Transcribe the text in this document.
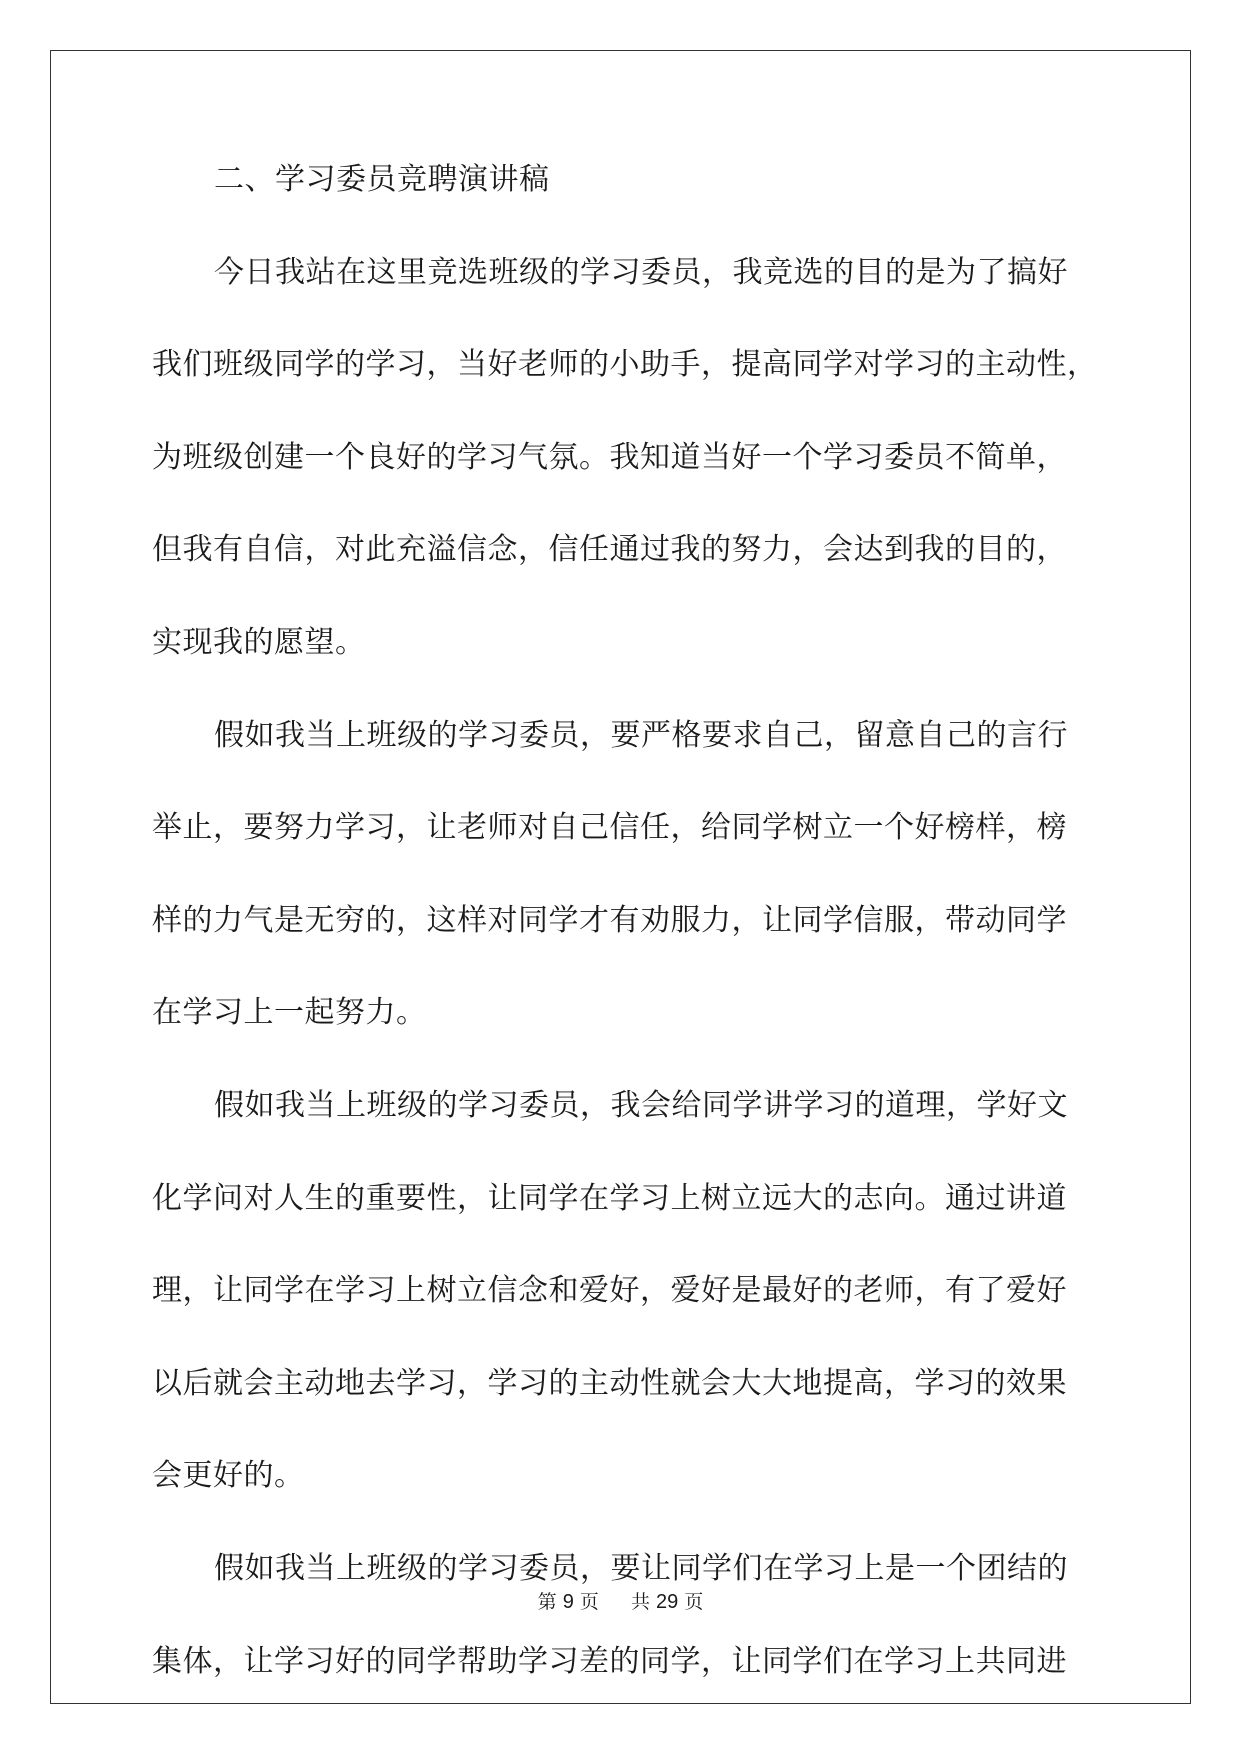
二、学习委员竞聘演讲稿
今日我站在这里竞选班级的学习委员，我竞选的目的是为了搞好
我们班级同学的学习，当好老师的小助手，提高同学对学习的主动性，
为班级创建一个良好的学习气氛。我知道当好一个学习委员不简单，
但我有自信，对此充溢信念，信任通过我的努力，会达到我的目的，
实现我的愿望。
假如我当上班级的学习委员，要严格要求自己，留意自己的言行
举止，要努力学习，让老师对自己信任，给同学树立一个好榜样，榜
样的力气是无穷的，这样对同学才有劝服力，让同学信服，带动同学
在学习上一起努力。
假如我当上班级的学习委员，我会给同学讲学习的道理，学好文
化学问对人生的重要性，让同学在学习上树立远大的志向。通过讲道
理，让同学在学习上树立信念和爱好，爱好是最好的老师，有了爱好
以后就会主动地去学习，学习的主动性就会大大地提高，学习的效果
会更好的。
假如我当上班级的学习委员，要让同学们在学习上是一个团结的
集体，让学习好的同学帮助学习差的同学，让同学们在学习上共同进
第 9 页 共 29 页
